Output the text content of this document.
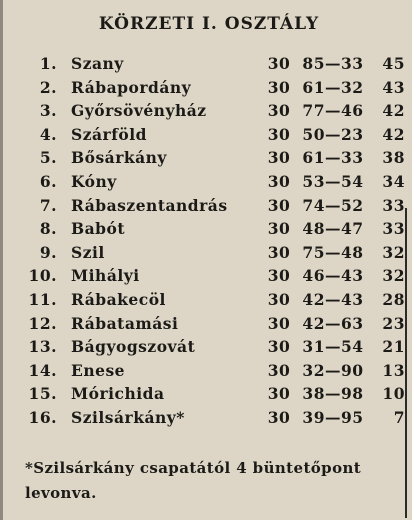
KÖRZETI I. OSZTÁLY
1. Szany	30 85—33	45
2. Rábapordány	30 61—32	43
3. Győrsövényház	30 77—46	42
4. Szárföld	30 50—23	42
5. Bősárkány	30 61—33	38
6. Kóny	30 53—54	34
7. Rábaszentandrás	30 74—52	33
8. Babót	30 48—47	33
9. Szil	30 75—48	32
10. Mihályi	30 46—43	32
11. Rábakecöl	30 42—43	28
12. Rábatamási	30 42—63	23
13. Bágyogszovát	30 31—54	21
14. Enese	30 32—90	13
15. Mórichida	30 38—98	10
16. Szilsárkány*	30 39—95	7
*Szilsárkány csapatától 4 büntetőpont levonva.
